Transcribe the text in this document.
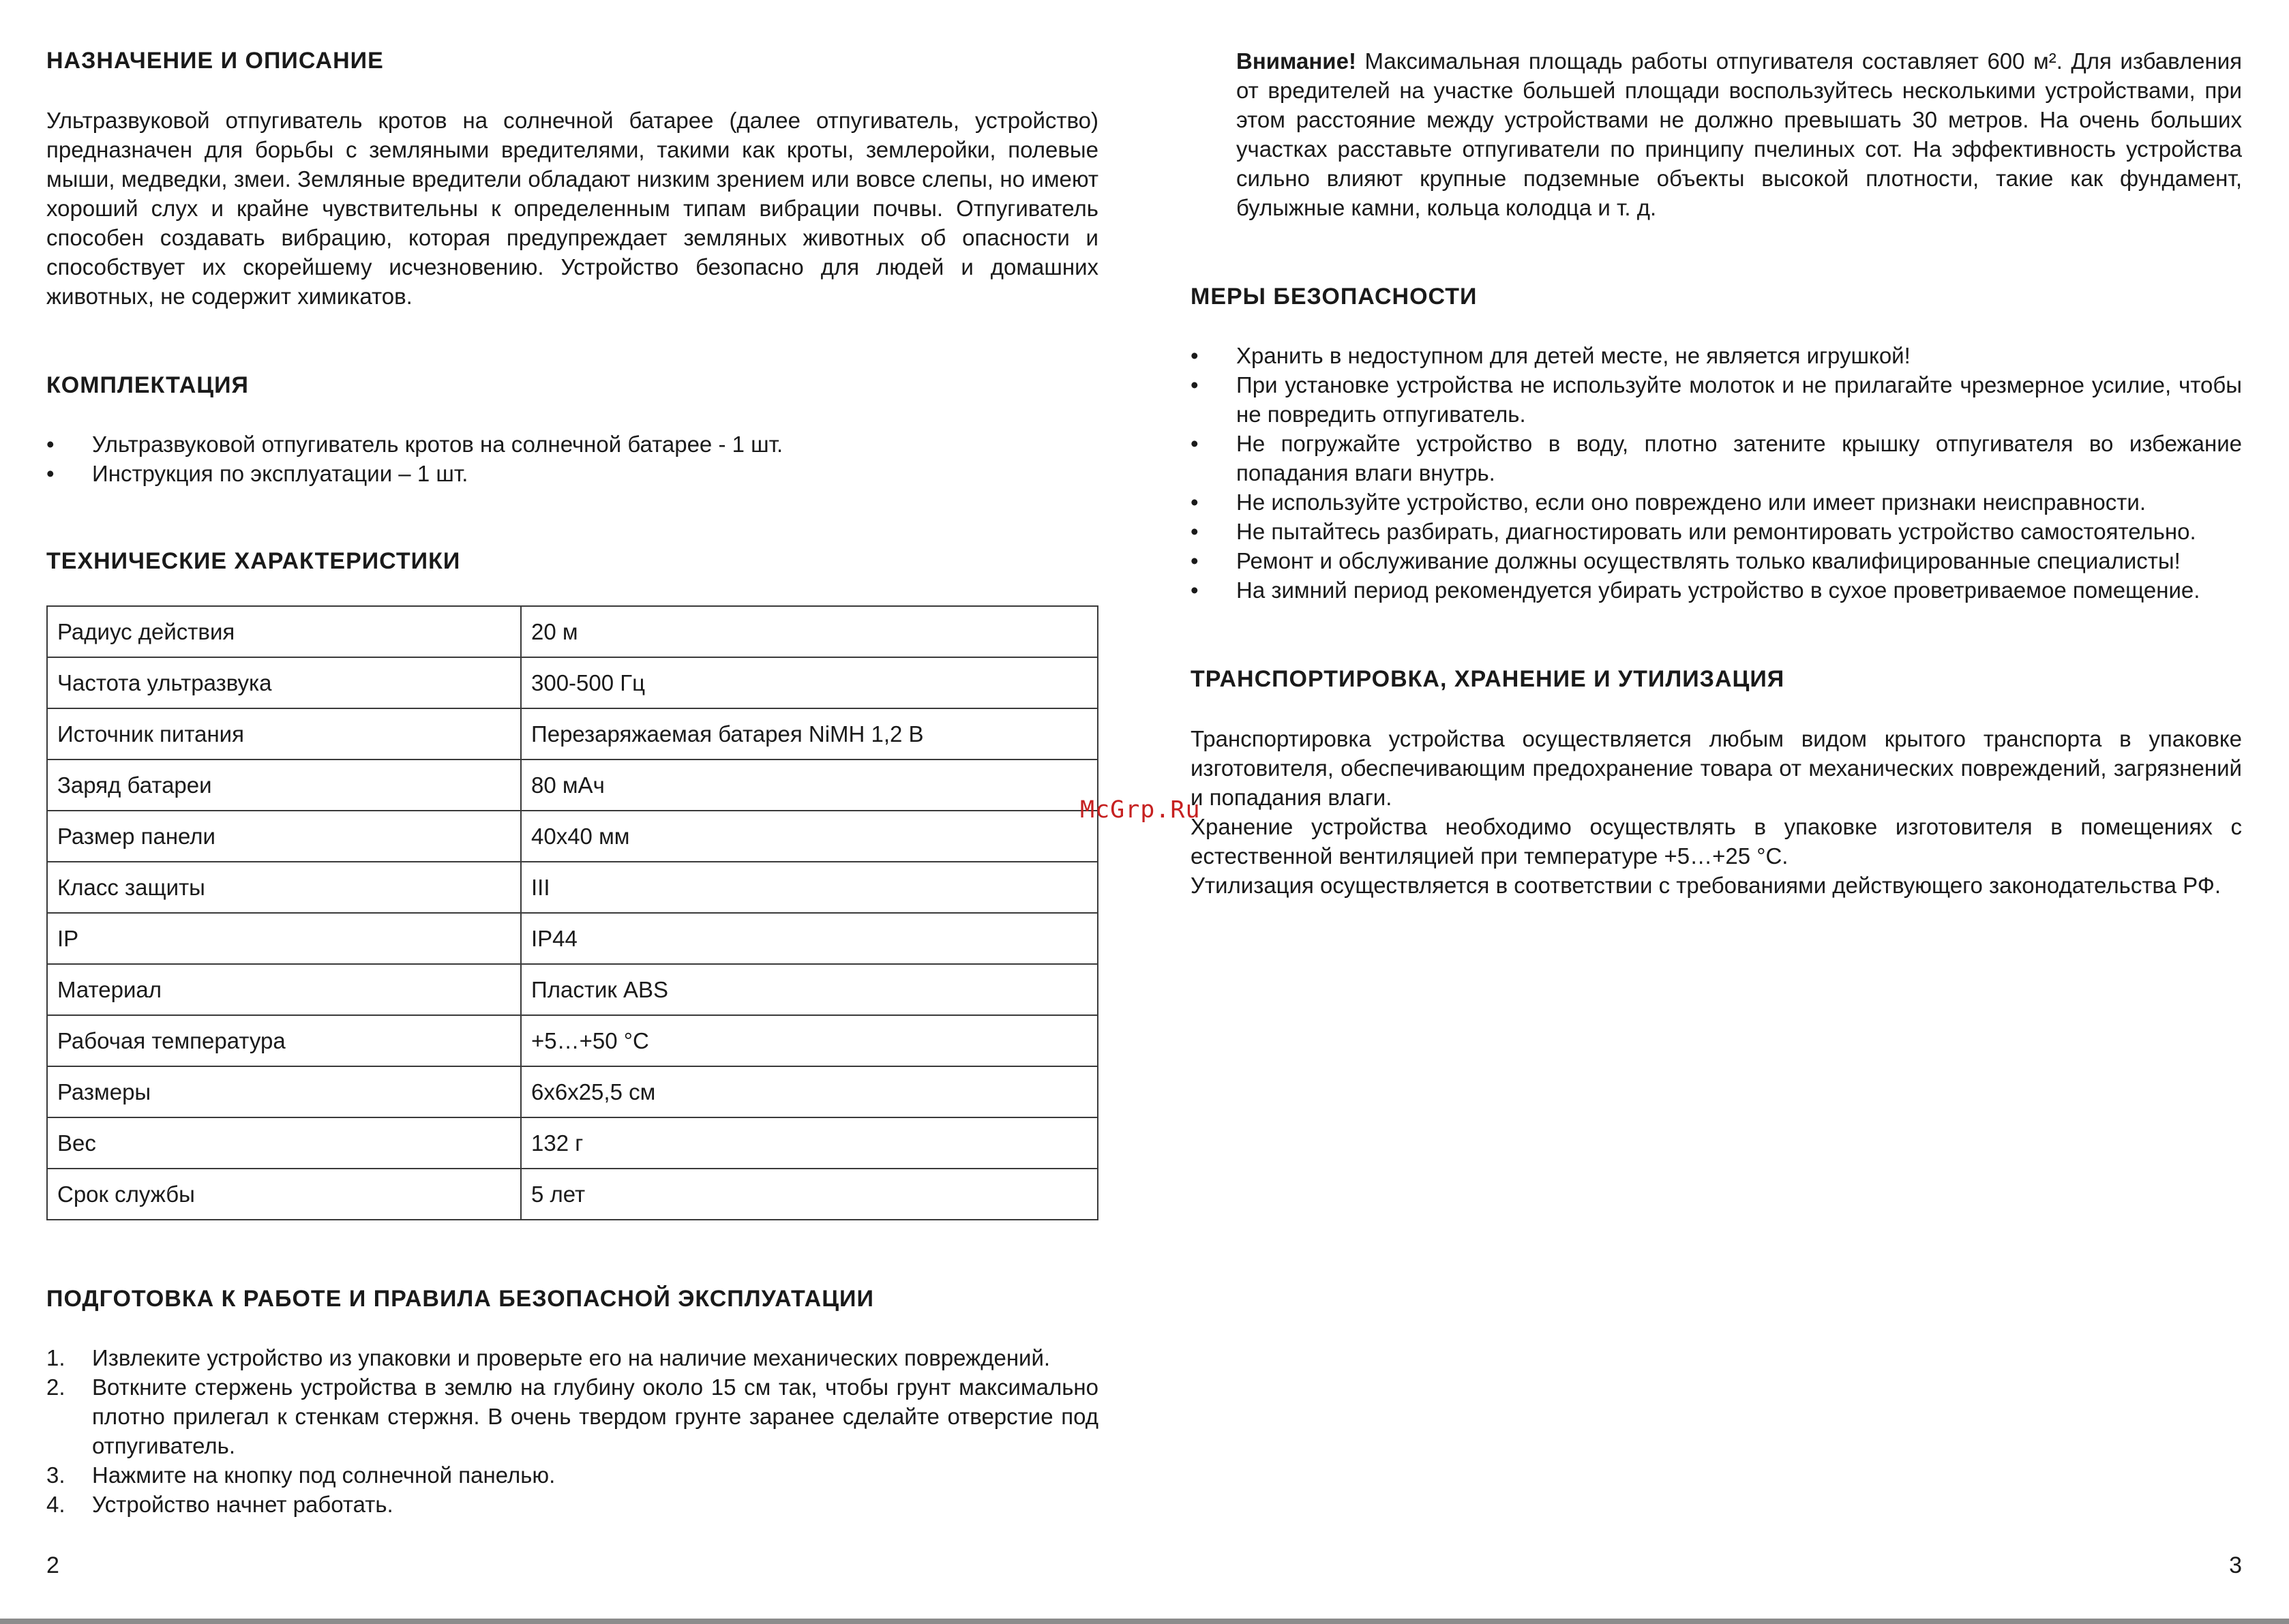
НАЗНАЧЕНИЕ И ОПИСАНИЕ

Ультразвуковой отпугиватель кротов на солнечной батарее (далее отпугиватель, устройство) предназначен для борьбы с земляными вредителями, такими как кроты, землеройки, полевые мыши, медведки, змеи. Земляные вредители обладают низким зрением или вовсе слепы, но имеют хороший слух и крайне чувствительны к определенным типам вибрации почвы. Отпугиватель способен создавать вибрацию, которая предупреждает земляных животных об опасности и способствует их скорейшему исчезновению. Устройство безопасно для людей и домашних животных, не содержит химикатов.

КОМПЛЕКТАЦИЯ
•	Ультразвуковой отпугиватель кротов на солнечной батарее - 1 шт.
•	Инструкция по эксплуатации – 1 шт.
ТЕХНИЧЕСКИЕ ХАРАКТЕРИСТИКИ
Радиус действия	20 м
Частота ультразвука	300-500 Гц
Источник питания	Перезаряжаемая батарея NiMH 1,2 В
Заряд батареи	80 мАч
Размер панели	40x40 мм
Класс защиты	III
IP	IP44
Материал	Пластик ABS
Рабочая температура	+5…+50 °С
Размеры	6x6x25,5 см
Вес	132 г
Срок службы	5 лет
ПОДГОТОВКА К РАБОТЕ И ПРАВИЛА БЕЗОПАСНОЙ ЭКСПЛУАТАЦИИ
1.	Извлеките устройство из упаковки и проверьте его на наличие механических повреждений.
2.	Воткните стержень устройства в землю на глубину около 15 см так, чтобы грунт максимально плотно прилегал к стенкам стержня. В очень твердом грунте заранее сделайте отверстие под отпугиватель.
3.	Нажмите на кнопку под солнечной панелью.
4.	Устройство начнет работать.
2

Внимание! Максимальная площадь работы отпугивателя составляет 600 м². Для избавления от вредителей на участке большей площади воспользуйтесь несколькими устройствами, при этом расстояние между устройствами не должно превышать 30 метров. На очень больших участках расставьте отпугиватели по принципу пчелиных сот. На эффективность устройства сильно влияют крупные подземные объекты высокой плотности, такие как фундамент, булыжные камни, кольца колодца и т. д.

МЕРЫ БЕЗОПАСНОСТИ
•	Хранить в недоступном для детей месте, не является игрушкой!
•	При установке устройства не используйте молоток и не прилагайте чрезмерное усилие, чтобы не повредить отпугиватель.
•	Не погружайте устройство в воду, плотно затените крышку отпугивателя во избежание попадания влаги внутрь.
•	Не используйте устройство, если оно повреждено или имеет признаки неисправности.
•	Не пытайтесь разбирать, диагностировать или ремонтировать устройство самостоятельно.
•	Ремонт и обслуживание должны осуществлять только квалифицированные специалисты!
•	На зимний период рекомендуется убирать устройство в сухое проветриваемое помещение.
ТРАНСПОРТИРОВКА, ХРАНЕНИЕ И УТИЛИЗАЦИЯ

Транспортировка устройства осуществляется любым видом крытого транспорта в упаковке изготовителя, обеспечивающим предохранение товара от механических повреждений, загрязнений и попадания влаги.

Хранение устройства необходимо осуществлять в упаковке изготовителя в помещениях с естественной вентиляцией при температуре +5…+25 °С.

Утилизация осуществляется в соответствии с требованиями действующего законодательства РФ.

3
McGrp.Ru
